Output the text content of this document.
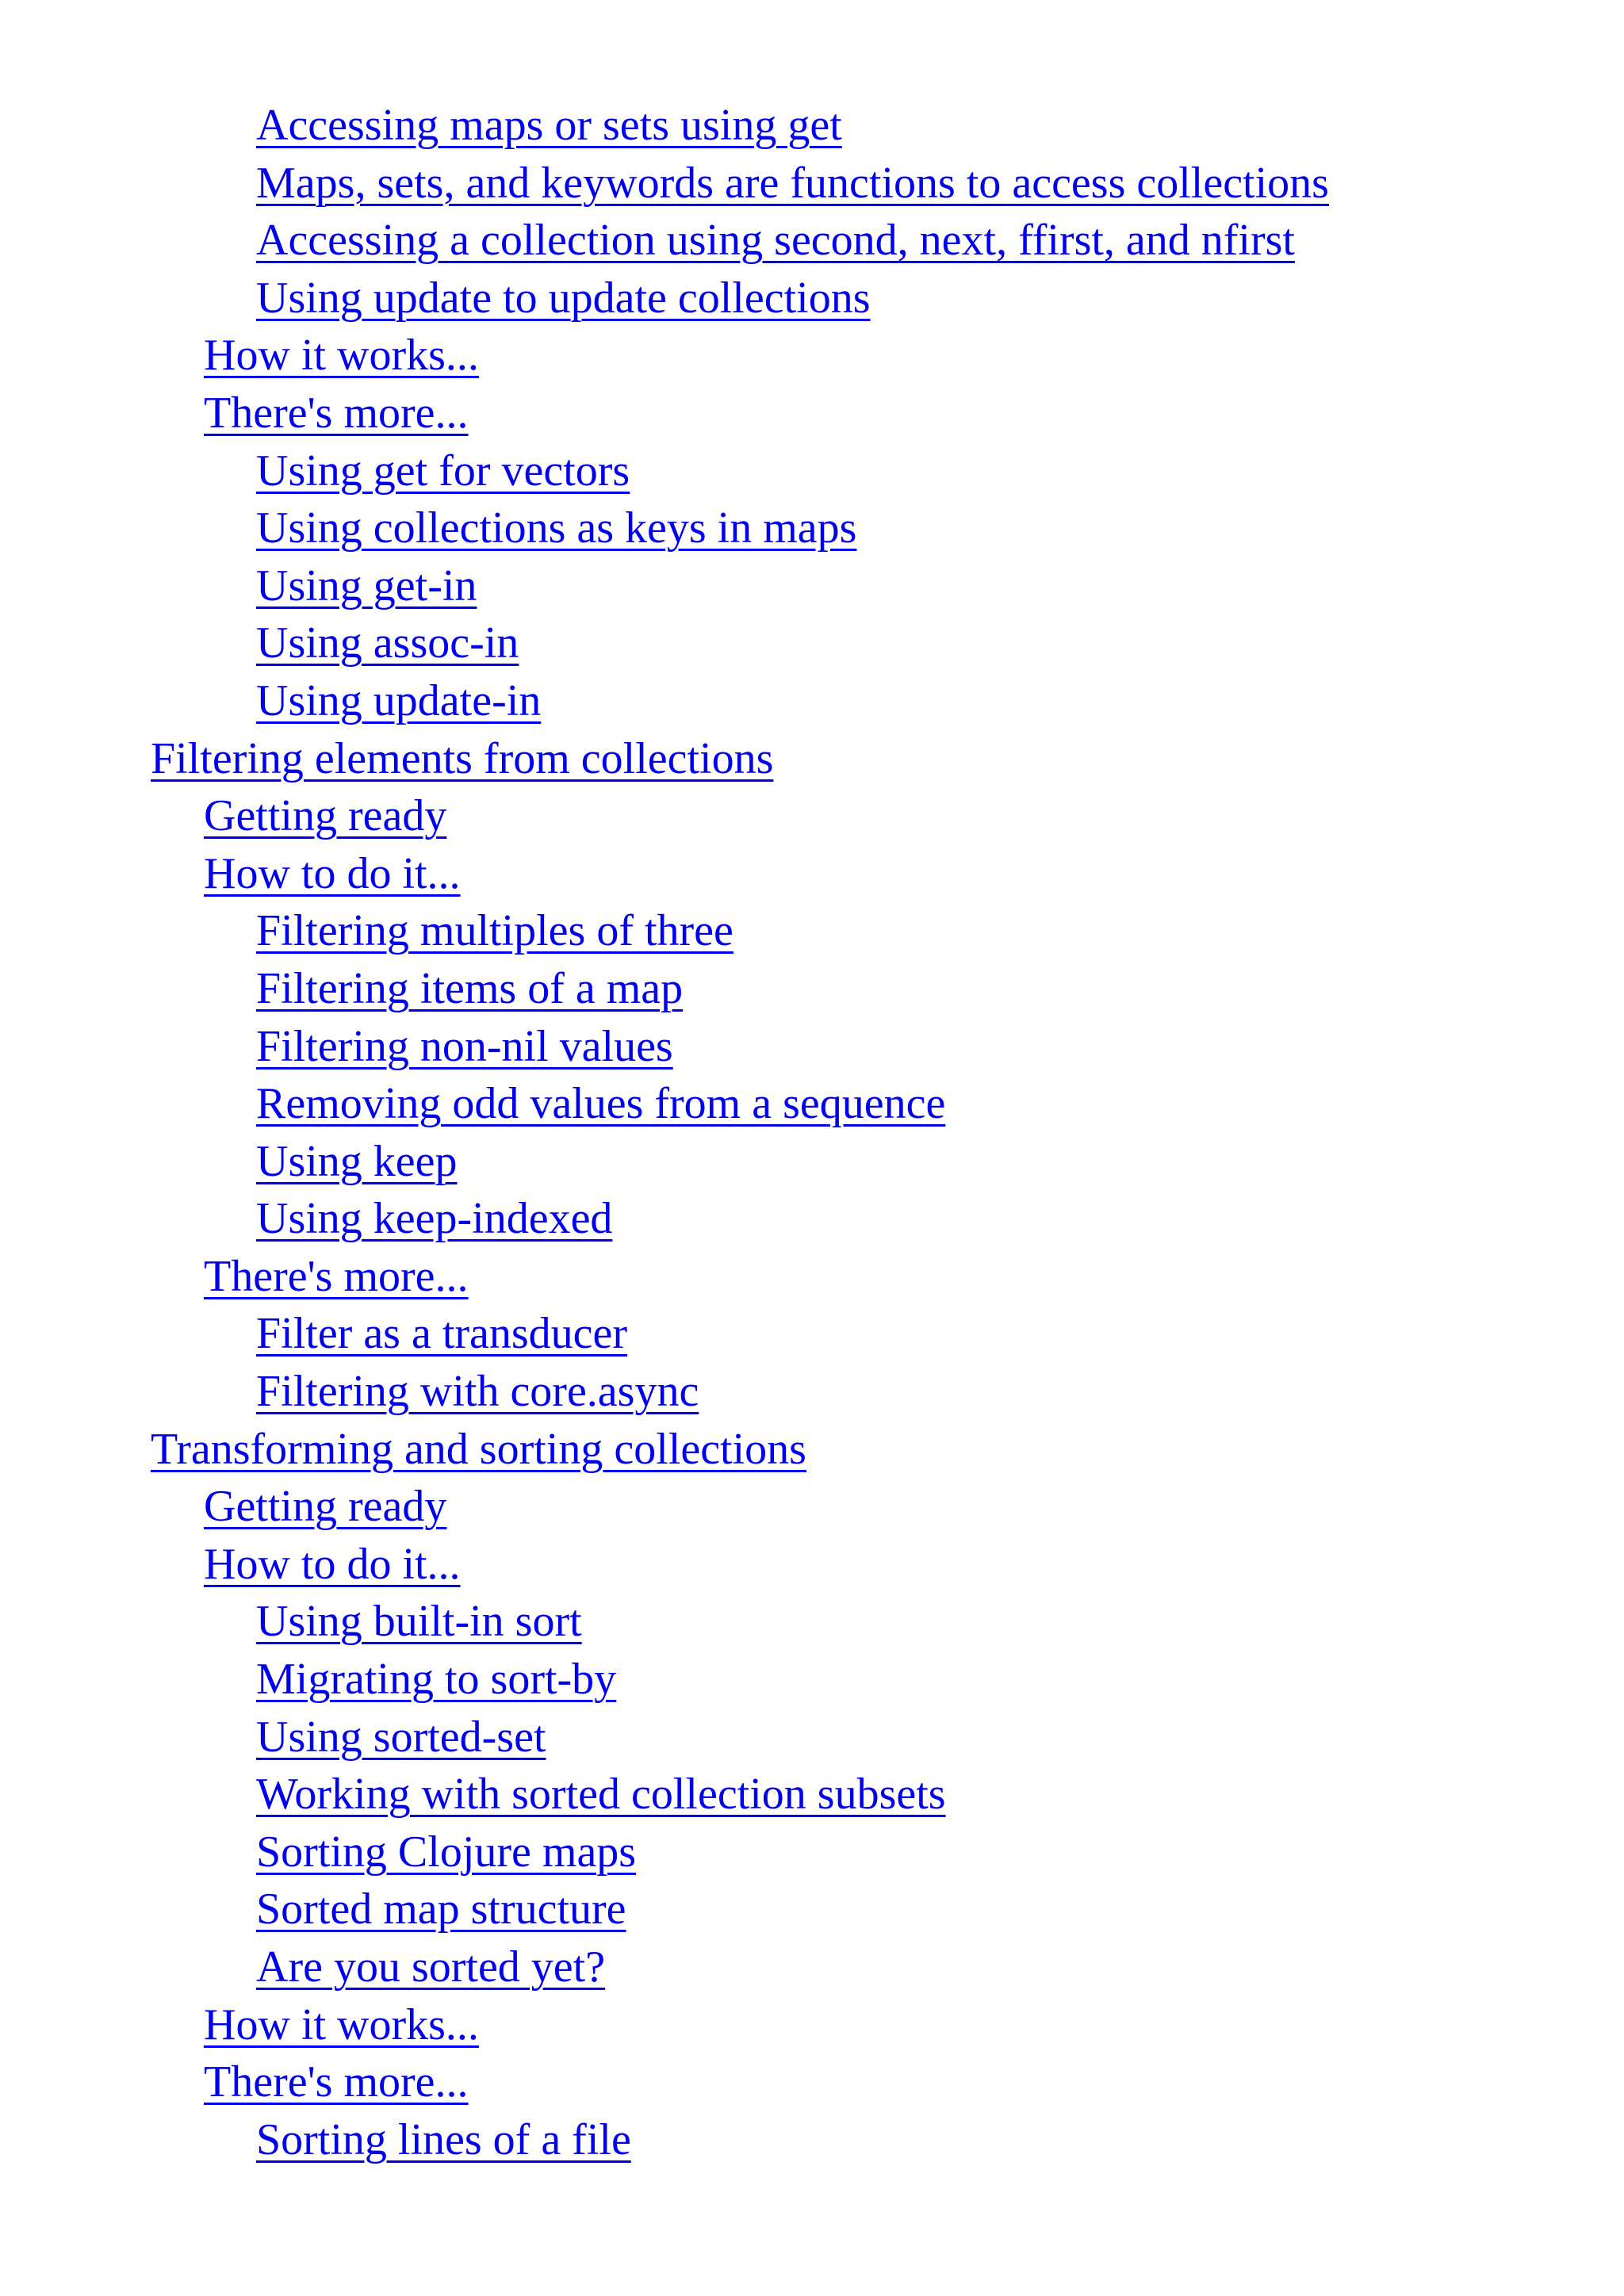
Accessing maps or sets using get
Maps, sets, and keywords are functions to access collections
Accessing a collection using second, next, ffirst, and nfirst
Using update to update collections
How it works...
There's more...
Using get for vectors
Using collections as keys in maps
Using get-in
Using assoc-in
Using update-in
Filtering elements from collections
Getting ready
How to do it...
Filtering multiples of three
Filtering items of a map
Filtering non-nil values
Removing odd values from a sequence
Using keep
Using keep-indexed
There's more...
Filter as a transducer
Filtering with core.async
Transforming and sorting collections
Getting ready
How to do it...
Using built-in sort
Migrating to sort-by
Using sorted-set
Working with sorted collection subsets
Sorting Clojure maps
Sorted map structure
Are you sorted yet?
How it works...
There's more...
Sorting lines of a file
